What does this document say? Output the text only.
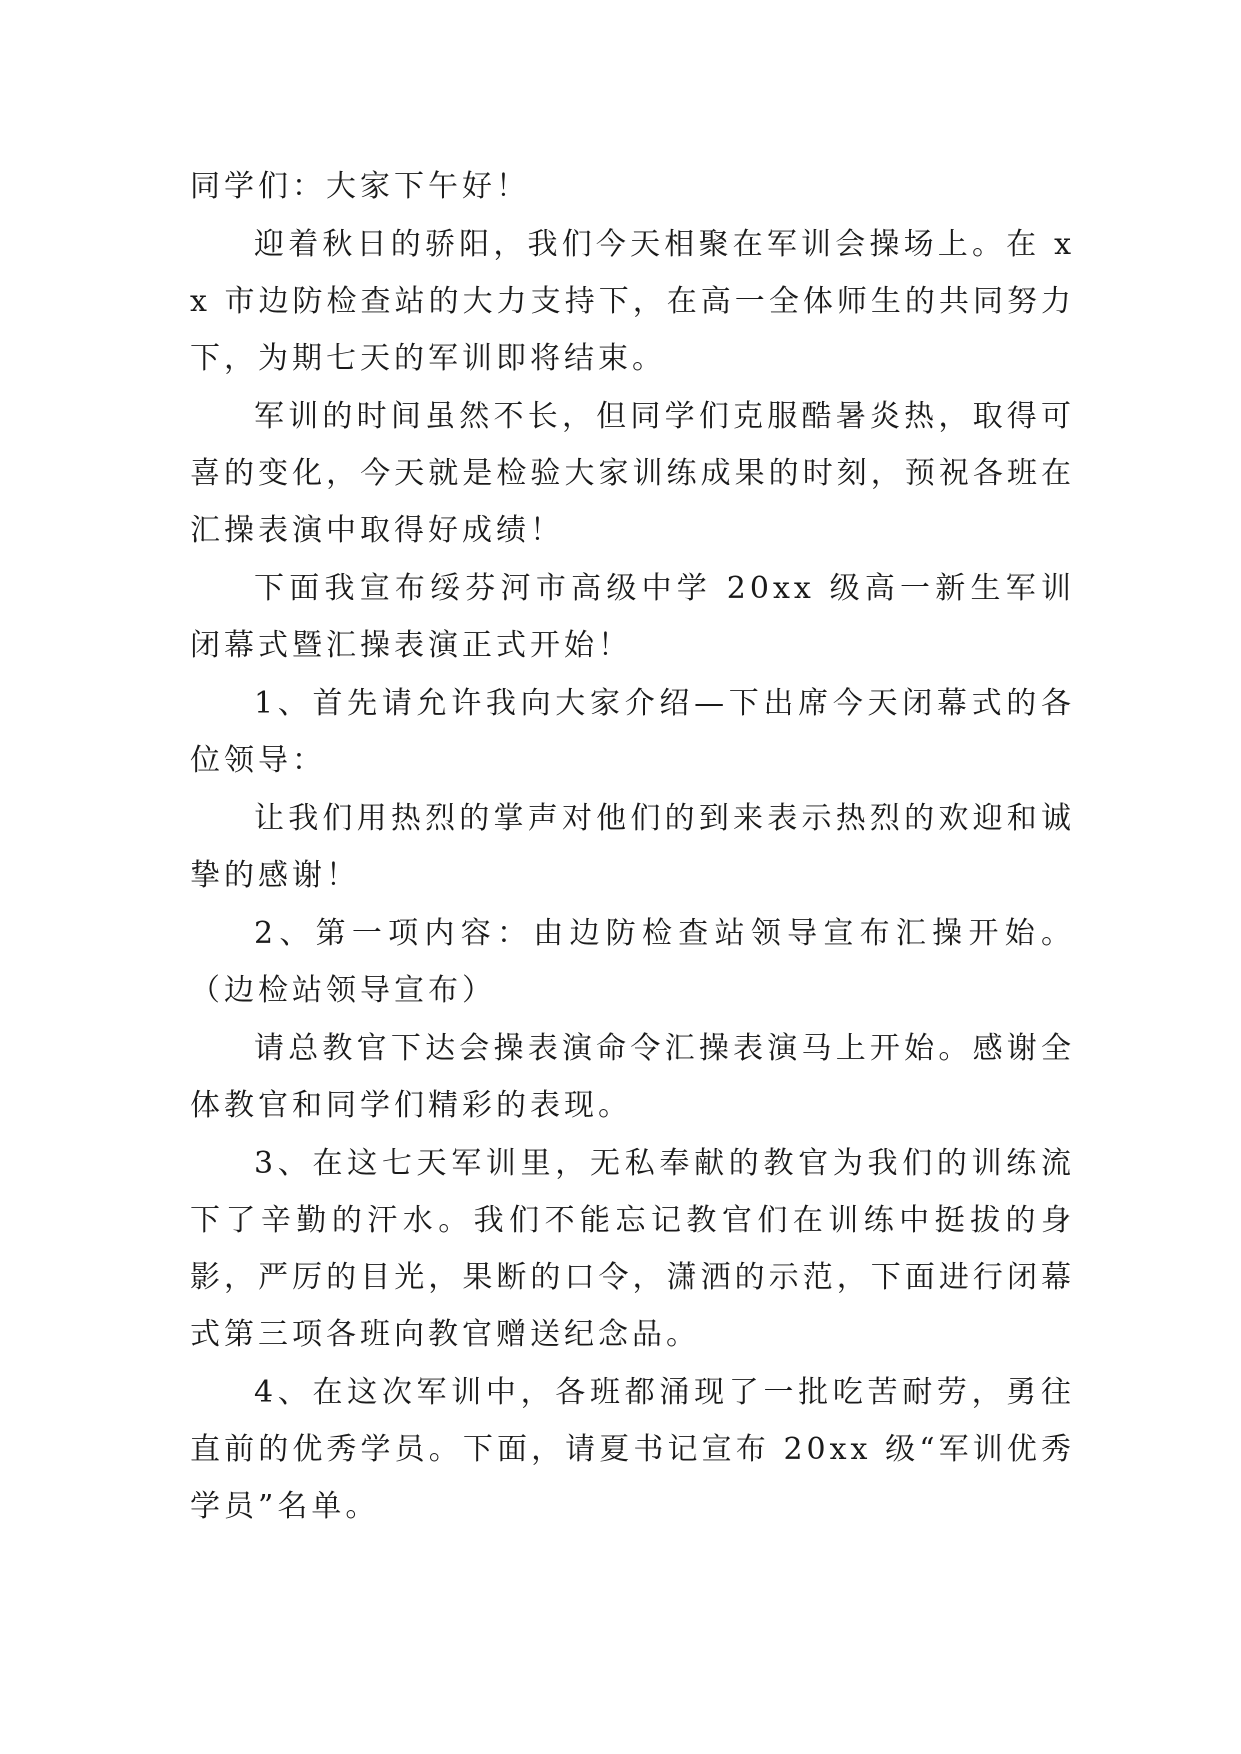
同学们：大家下午好！

迎着秋日的骄阳，我们今天相聚在军训会操场上。在 xx 市边防检查站的大力支持下，在高一全体师生的共同努力下，为期七天的军训即将结束。

军训的时间虽然不长，但同学们克服酷暑炎热，取得可喜的变化，今天就是检验大家训练成果的时刻，预祝各班在汇操表演中取得好成绩！

下面我宣布绥芬河市高级中学 20xx 级高一新生军训闭幕式暨汇操表演正式开始！

1、首先请允许我向大家介绍—下出席今天闭幕式的各位领导：

让我们用热烈的掌声对他们的到来表示热烈的欢迎和诚挚的感谢！

2、第一项内容：由边防检查站领导宣布汇操开始。（边检站领导宣布）

请总教官下达会操表演命令汇操表演马上开始。感谢全体教官和同学们精彩的表现。

3、在这七天军训里，无私奉献的教官为我们的训练流下了辛勤的汗水。我们不能忘记教官们在训练中挺拔的身影，严厉的目光，果断的口令，潇洒的示范，下面进行闭幕式第三项各班向教官赠送纪念品。

4、在这次军训中，各班都涌现了一批吃苦耐劳，勇往直前的优秀学员。下面，请夏书记宣布 20xx 级“军训优秀学员”名单。
